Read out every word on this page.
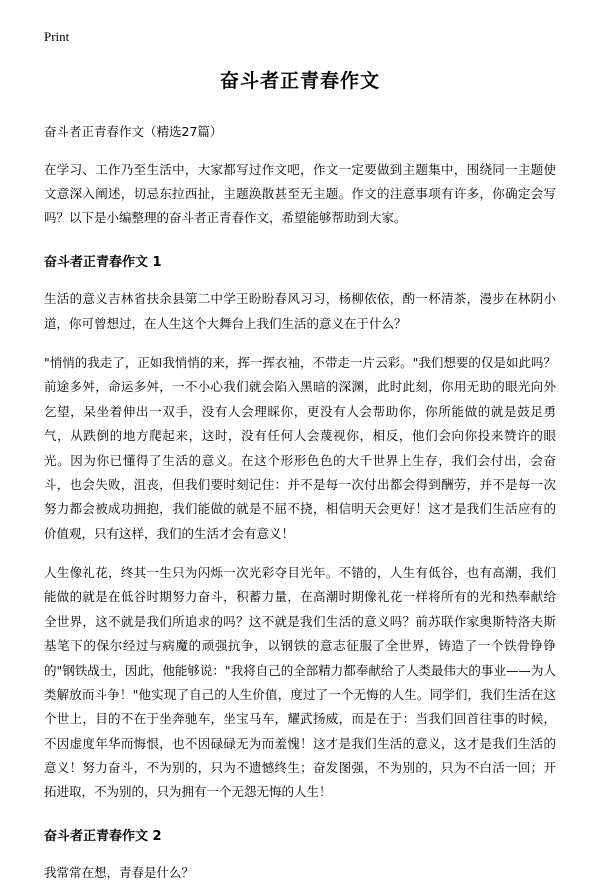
Print
奋斗者正青春作文
奋斗者正青春作文（精选27篇）

在学习、工作乃至生活中，大家都写过作文吧，作文一定要做到主题集中，围绕同一主题使文意深入阐述，切忌东拉西扯，主题涣散甚至无主题。作文的注意事项有许多，你确定会写吗？以下是小编整理的奋斗者正青春作文，希望能够帮助到大家。

奋斗者正青春作文 1

生活的意义吉林省扶余县第二中学王盼盼春风习习，杨柳依依，酌一杯清茶，漫步在林阴小道，你可曾想过，在人生这个大舞台上我们生活的意义在于什么？

"悄悄的我走了，正如我悄悄的来，挥一挥衣袖，不带走一片云彩。"我们想要的仅是如此吗？前途多舛，命运多舛，一不小心我们就会陷入黑暗的深渊，此时此刻，你用无助的眼光向外乞望，呆坐着伸出一双手，没有人会理睬你，更没有人会帮助你，你所能做的就是鼓足勇气，从跌倒的地方爬起来，这时，没有任何人会蔑视你，相反，他们会向你投来赞许的眼光。因为你已懂得了生活的意义。在这个形形色色的大千世界上生存，我们会付出，会奋斗，也会失败，沮丧，但我们要时刻记住：并不是每一次付出都会得到酬劳，并不是每一次努力都会被成功拥抱，我们能做的就是不屈不挠，相信明天会更好！这才是我们生活应有的价值观，只有这样，我们的生活才会有意义！

人生像礼花，终其一生只为闪烁一次光彩夺目光年。不错的，人生有低谷，也有高潮，我们能做的就是在低谷时期努力奋斗，积蓄力量，在高潮时期像礼花一样将所有的光和热奉献给全世界，这不就是我们所追求的吗？这不就是我们生活的意义吗？前苏联作家奥斯特洛夫斯基笔下的保尔经过与病魔的顽强抗争，以钢铁的意志征服了全世界，铸造了一个铁骨铮铮的"钢铁战士，因此，他能够说："我将自己的全部精力都奉献给了人类最伟大的事业——为人类解放而斗争！"他实现了自己的人生价值，度过了一个无悔的人生。同学们，我们生活在这个世上，目的不在于坐奔驰车，坐宝马车，耀武扬威，而是在于：当我们回首往事的时候，不因虚度年华而悔恨，也不因碌碌无为而羞愧！这才是我们生活的意义，这才是我们生活的意义！努力奋斗，不为别的，只为不遗憾终生；奋发图强，不为别的，只为不白活一回；开拓进取，不为别的，只为拥有一个无怨无悔的人生！

奋斗者正青春作文 2

我常常在想，青春是什么？
